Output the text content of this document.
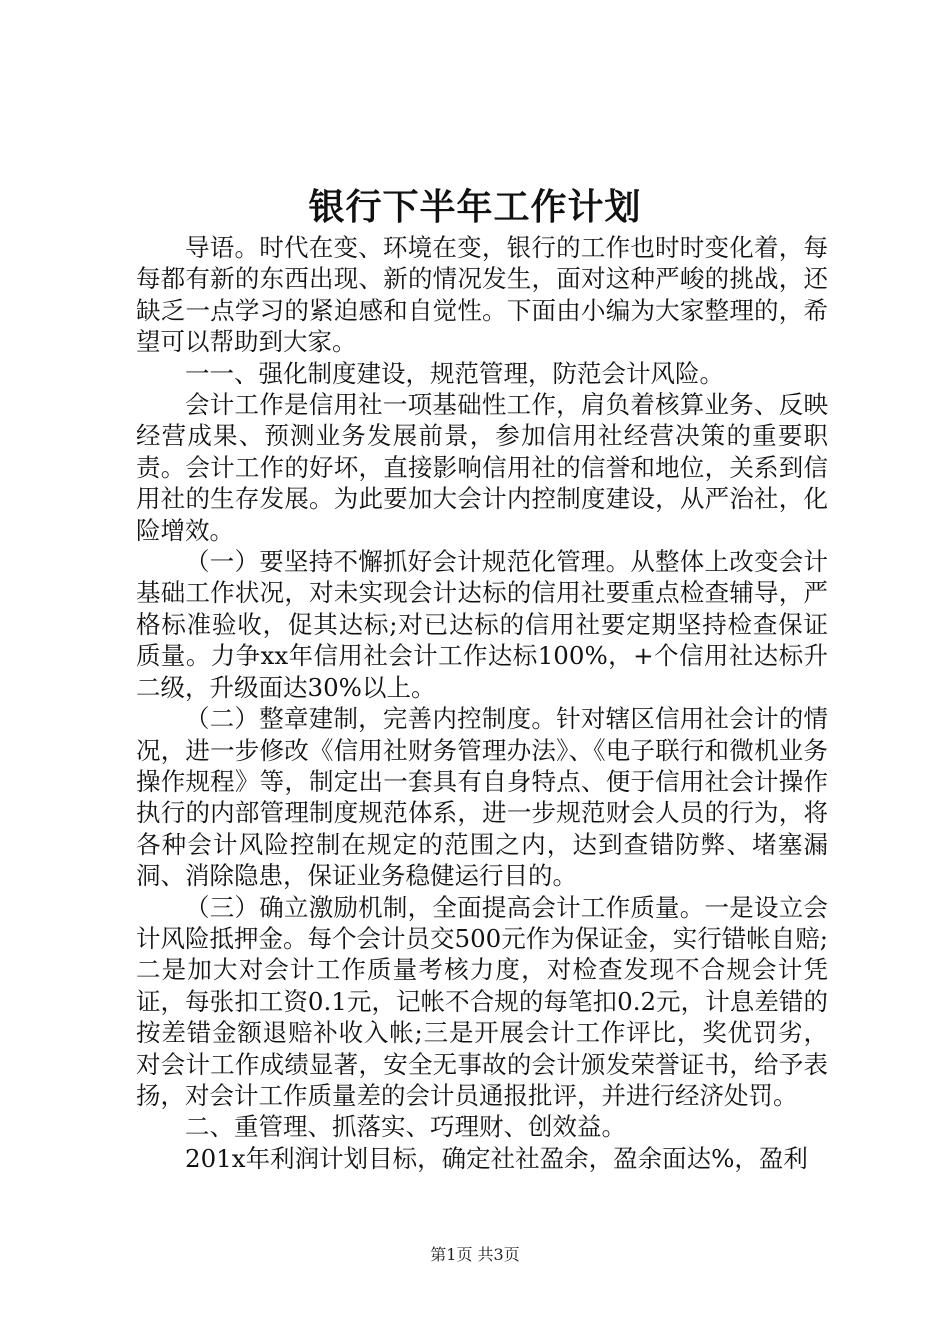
银行下半年工作计划

导语。时代在变、环境在变，银行的工作也时时变化着，每每都有新的东西出现、新的情况发生，面对这种严峻的挑战，还缺乏一点学习的紧迫感和自觉性。下面由小编为大家整理的，希望可以帮助到大家。

一一、强化制度建设，规范管理，防范会计风险。

会计工作是信用社一项基础性工作，肩负着核算业务、反映经营成果、预测业务发展前景，参加信用社经营决策的重要职责。会计工作的好坏，直接影响信用社的信誉和地位，关系到信用社的生存发展。为此要加大会计内控制度建设，从严治社，化险增效。

（一）要坚持不懈抓好会计规范化管理。从整体上改变会计基础工作状况，对未实现会计达标的信用社要重点检查辅导，严格标准验收，促其达标;对已达标的信用社要定期坚持检查保证质量。力争xx年信用社会计工作达标100%，+个信用社达标升二级，升级面达30%以上。

（二）整章建制，完善内控制度。针对辖区信用社会计的情况，进一步修改《信用社财务管理办法》、《电子联行和微机业务操作规程》等，制定出一套具有自身特点、便于信用社会计操作执行的内部管理制度规范体系，进一步规范财会人员的行为，将各种会计风险控制在规定的范围之内，达到查错防弊、堵塞漏洞、消除隐患，保证业务稳健运行目的。

（三）确立激励机制，全面提高会计工作质量。一是设立会计风险抵押金。每个会计员交500元作为保证金，实行错帐自赔;二是加大对会计工作质量考核力度，对检查发现不合规会计凭证，每张扣工资0.1元，记帐不合规的每笔扣0.2元，计息差错的按差错金额退赔补收入帐;三是开展会计工作评比，奖优罚劣，对会计工作成绩显著，安全无事故的会计颁发荣誉证书，给予表扬，对会计工作质量差的会计员通报批评，并进行经济处罚。

二、重管理、抓落实、巧理财、创效益。

201x年利润计划目标，确定社社盈余，盈余面达%，盈利

第1页 共3页
